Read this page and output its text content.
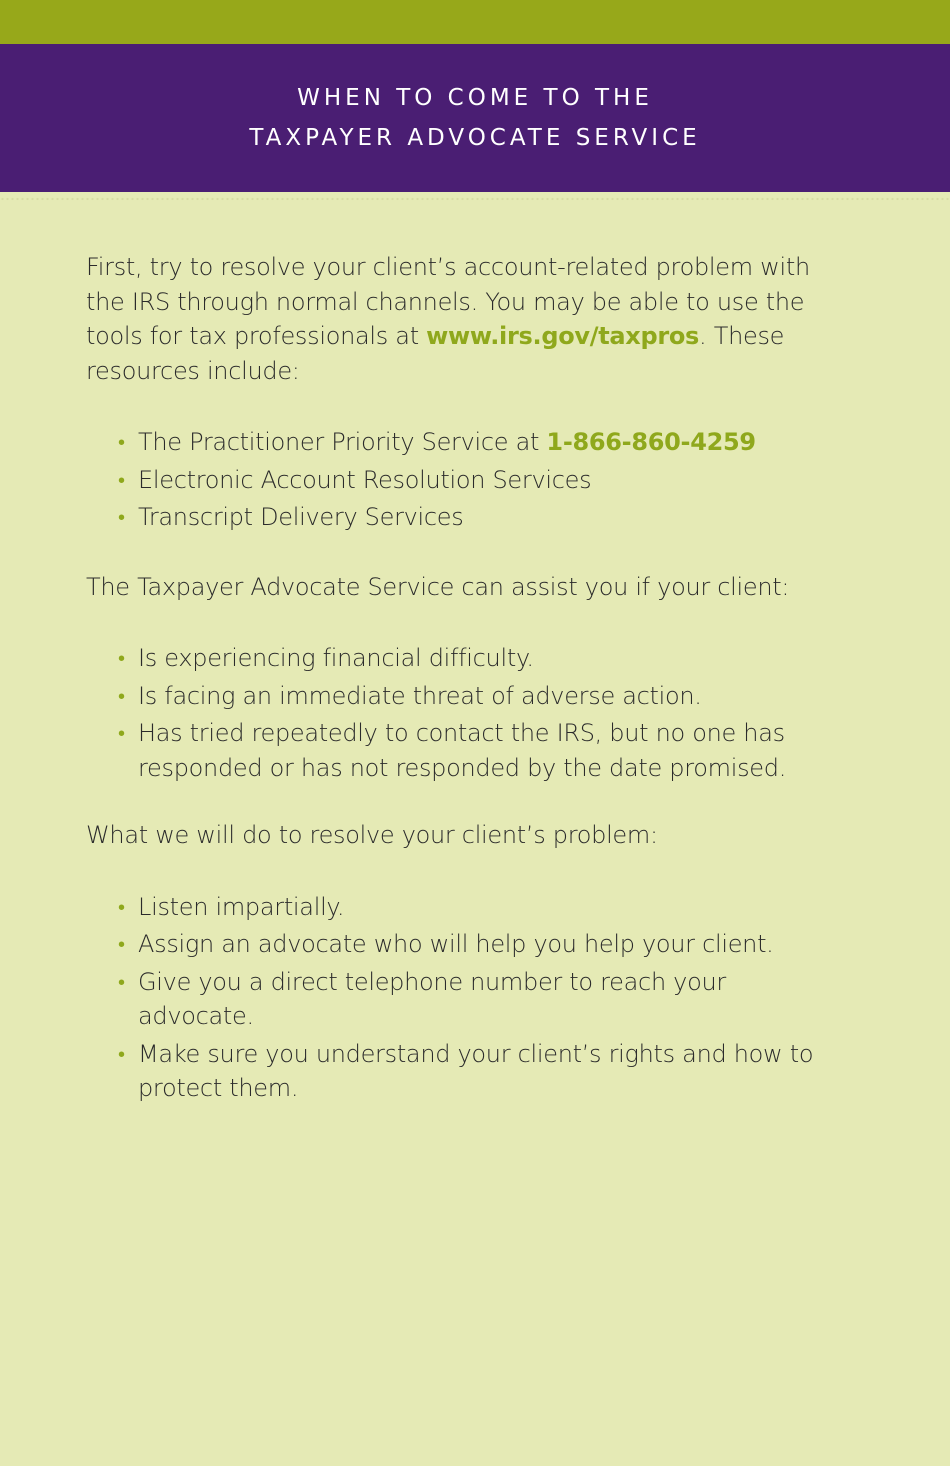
WHEN TO COME TO THE
TAXPAYER ADVOCATE SERVICE

First, try to resolve your client’s account-related problem with the IRS through normal channels. You may be able to use the tools for tax professionals at www.irs.gov/taxpros. These resources include:

• The Practitioner Priority Service at 1-866-860-4259
• Electronic Account Resolution Services
• Transcript Delivery Services

The Taxpayer Advocate Service can assist you if your client:

• Is experiencing financial difficulty.
• Is facing an immediate threat of adverse action.
• Has tried repeatedly to contact the IRS, but no one has responded or has not responded by the date promised.

What we will do to resolve your client’s problem:

• Listen impartially.
• Assign an advocate who will help you help your client.
• Give you a direct telephone number to reach your advocate.
• Make sure you understand your client’s rights and how to protect them.
